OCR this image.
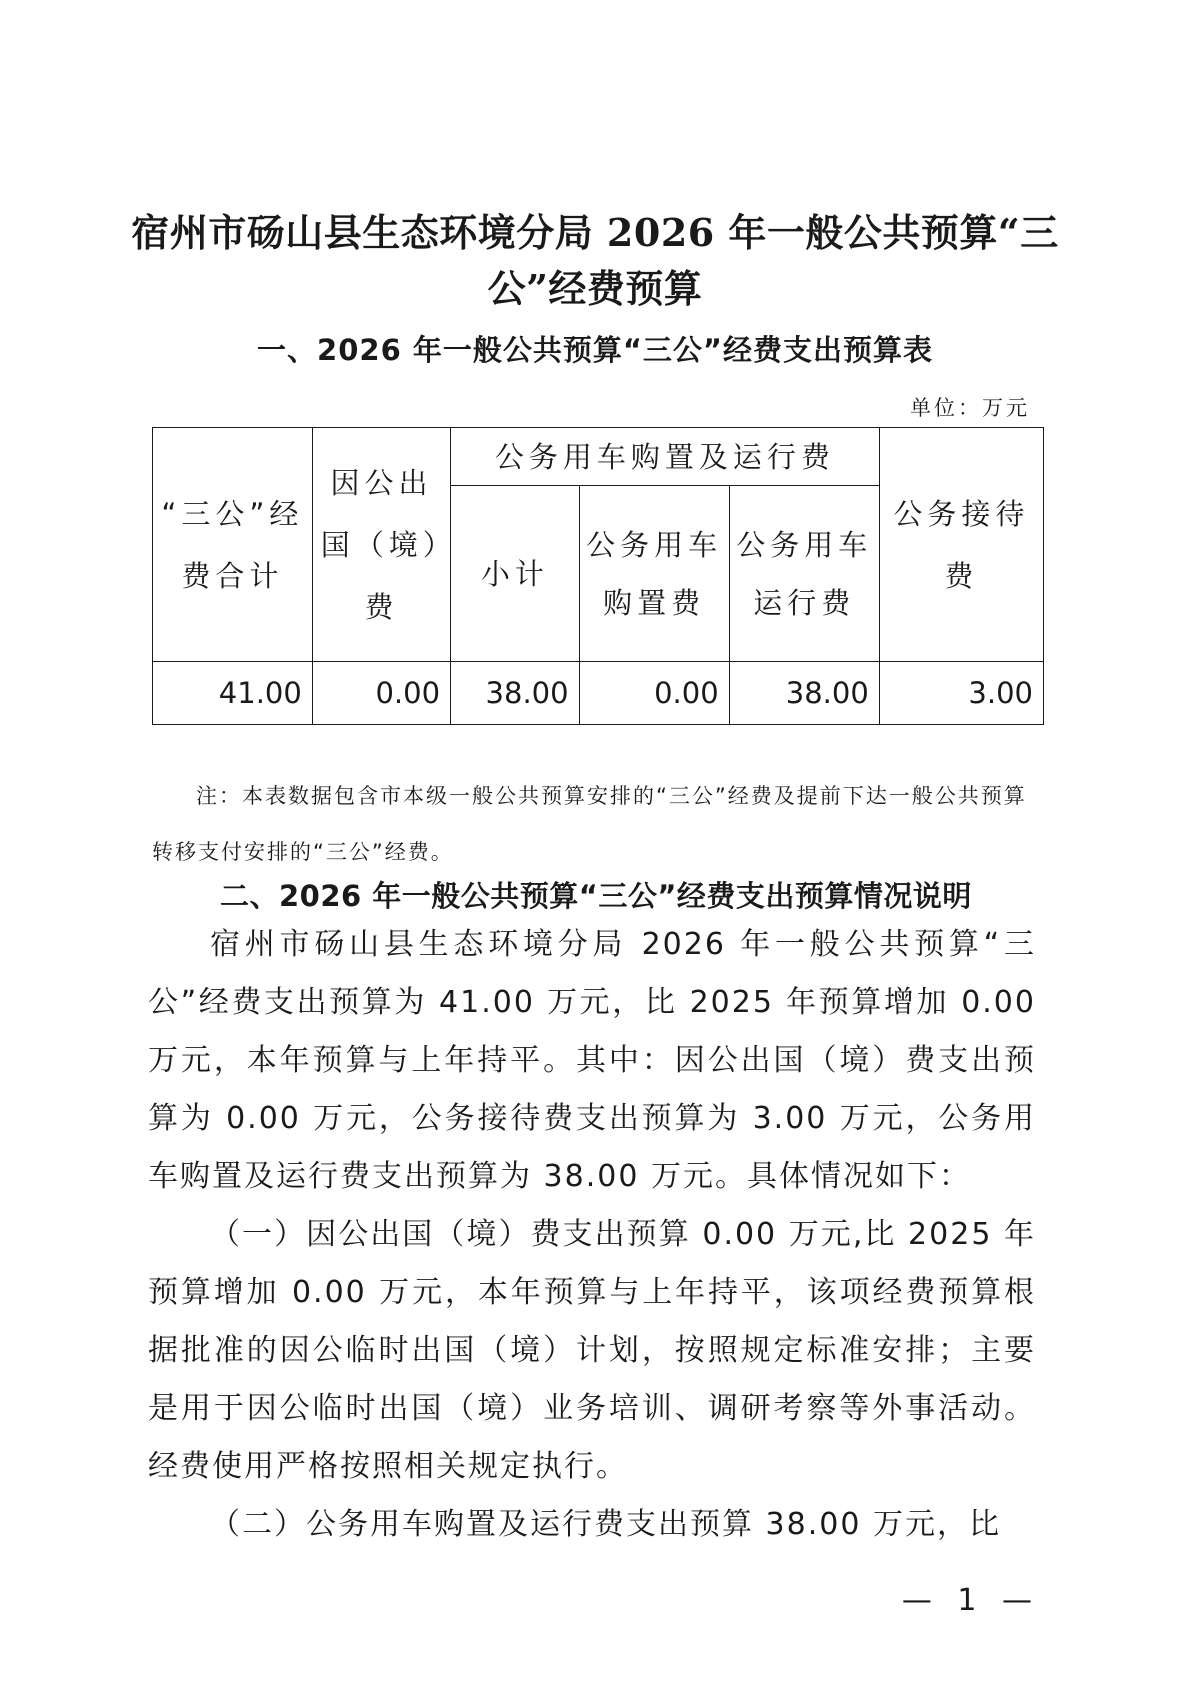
宿州市砀山县生态环境分局 2026 年一般公共预算“三公”经费预算
一、2026 年一般公共预算“三公”经费支出预算表
单位：万元
“三公”经费合计	因公出国（境）费	公务用车购置及运行费			公务接待费
		小计	公务用车购置费	公务用车运行费	
41.00	0.00	38.00	0.00	38.00	3.00
注：本表数据包含市本级一般公共预算安排的“三公”经费及提前下达一般公共预算转移支付安排的“三公”经费。
二、2026 年一般公共预算“三公”经费支出预算情况说明
宿州市砀山县生态环境分局 2026 年一般公共预算“三公”经费支出预算为 41.00 万元，比 2025 年预算增加 0.00 万元，本年预算与上年持平。其中：因公出国（境）费支出预算为 0.00 万元，公务接待费支出预算为 3.00 万元，公务用车购置及运行费支出预算为 38.00 万元。具体情况如下：
（一）因公出国（境）费支出预算 0.00 万元,比 2025 年预算增加 0.00 万元，本年预算与上年持平，该项经费预算根据批准的因公临时出国（境）计划，按照规定标准安排；主要是用于因公临时出国（境）业务培训、调研考察等外事活动。经费使用严格按照相关规定执行。
（二）公务用车购置及运行费支出预算 38.00 万元，比
— 1 —
